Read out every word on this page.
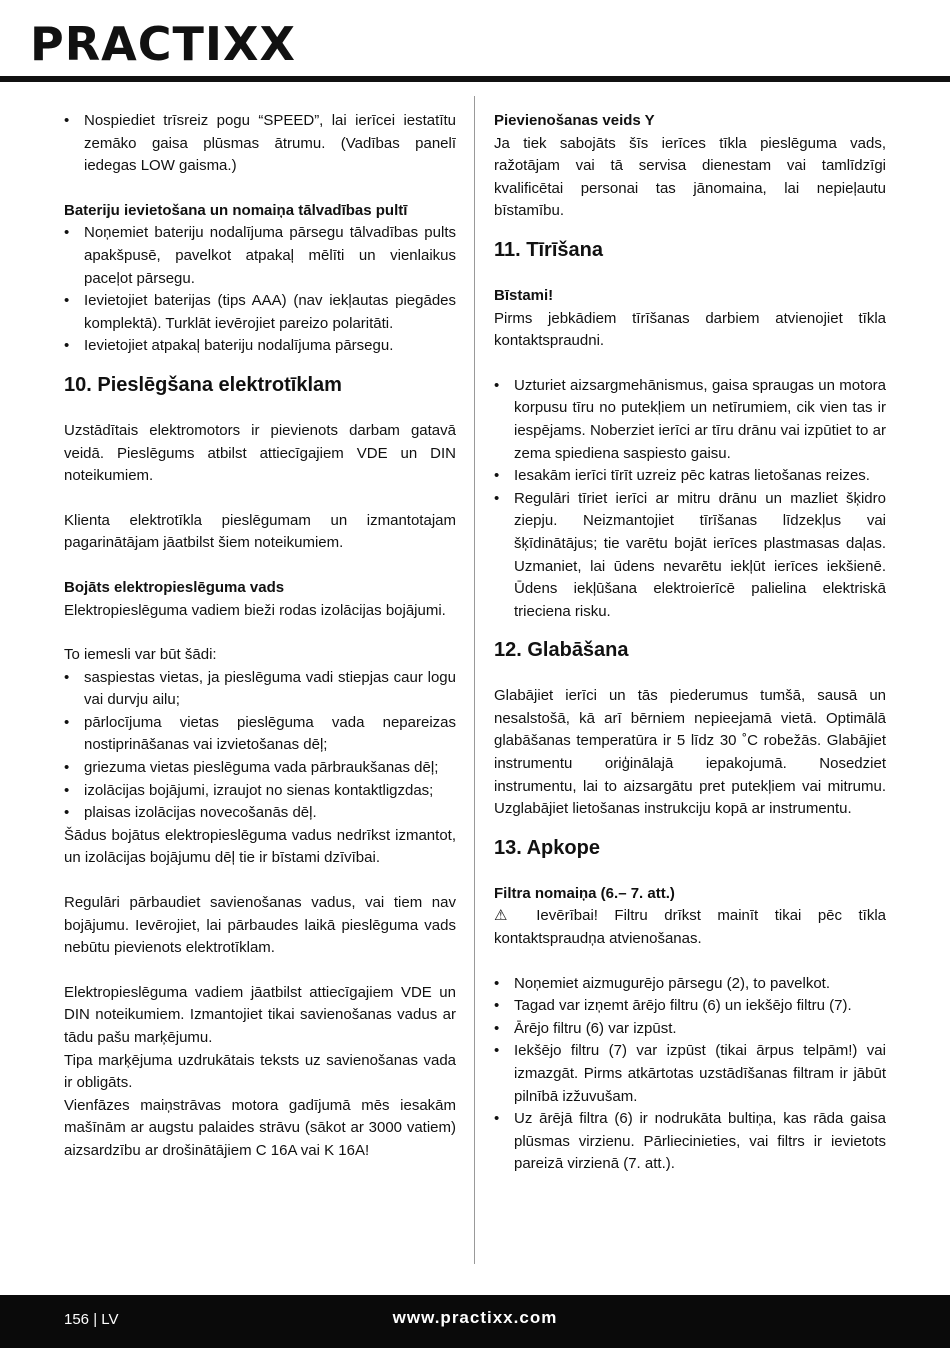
PRACTIXX
• Nospiediet trīsreiz pogu “SPEED”, lai ierīcei iestatītu zemāko gaisa plūsmas ātrumu. (Vadības panelī iedegas LOW gaisma.)

Bateriju ievietošana un nomaiņa tālvadības pultī

• Noņemiet bateriju nodalījuma pārsegu tālvadības pults apakšpusē, pavelkot atpakaļ mēlīti un vienlaikus paceļot pārsegu.
• Ievietojiet baterijas (tips AAA) (nav iekļautas piegādes komplektā). Turklāt ievērojiet pareizo polaritāti.
• Ievietojiet atpakaļ bateriju nodalījuma pārsegu.

10. Pieslēgšana elektrotīklam

Uzstādītais elektromotors ir pievienots darbam gatavā veidā. Pieslēgums atbilst attiecīgajiem VDE un DIN noteikumiem.

Klienta elektrotīkla pieslēgumam un izmantotajam pagarinātājam jāatbilst šiem noteikumiem.

Bojāts elektropieslēguma vads

Elektropieslēguma vadiem bieži rodas izolācijas bojājumi.

To iemesli var būt šādi:

• saspiestas vietas, ja pieslēguma vadi stiepjas caur logu vai durvju ailu;
• pārlocījuma vietas pieslēguma vada nepareizas nostiprināšanas vai izvietošanas dēļ;
• griezuma vietas pieslēguma vada pārbraukšanas dēļ;
• izolācijas bojājumi, izraujot no sienas kontaktligzdas;
• plaisas izolācijas novecošanās dēļ.

Šādus bojātus elektropieslēguma vadus nedrīkst izmantot, un izolācijas bojājumu dēļ tie ir bīstami dzīvībai.

Regulāri pārbaudiet savienošanas vadus, vai tiem nav bojājumu. Ievērojiet, lai pārbaudes laikā pieslēguma vads nebūtu pievienots elektrotīklam.

Elektropieslēguma vadiem jāatbilst attiecīgajiem VDE un DIN noteikumiem. Izmantojiet tikai savienošanas vadus ar tādu pašu marķējumu.

Tipa marķējuma uzdrukātais teksts uz savienošanas vada ir obligāts.

Vienfāzes maiņstrāvas motora gadījumā mēs iesakām mašīnām ar augstu palaides strāvu (sākot ar 3000 vatiem) aizsardzību ar drošinātājiem C 16A vai K 16A!

Pievienošanas veids Y

Ja tiek sabojāts šīs ierīces tīkla pieslēguma vads, ražotājam vai tā servisa dienestam vai tamlīdzīgi kvalificētai personai tas jānomaina, lai nepieļautu bīstamību.

11. Tīrīšana

Bīstami!

Pirms jebkādiem tīrīšanas darbiem atvienojiet tīkla kontaktspraudni.

• Uzturiet aizsargmehānismus, gaisa spraugas un motora korpusu tīru no putekļiem un netīrumiem, cik vien tas ir iespējams. Noberziet ierīci ar tīru drānu vai izpūtiet to ar zema spiediena saspiesto gaisu.
• Iesakām ierīci tīrīt uzreiz pēc katras lietošanas reizes.
• Regulāri tīriet ierīci ar mitru drānu un mazliet šķidro ziepju. Neizmantojiet tīrīšanas līdzekļus vai šķīdinātājus; tie varētu bojāt ierīces plastmasas daļas. Uzmaniet, lai ūdens nevarētu iekļūt ierīces iekšienē. Ūdens iekļūšana elektroierīcē palielina elektriskā trieciena risku.

12. Glabāšana

Glabājiet ierīci un tās piederumus tumšā, sausā un nesalstošā, kā arī bērniem nepieejamā vietā. Optimālā glabāšanas temperatūra ir 5 līdz 30 ˚C robežās. Glabājiet instrumentu oriģinālajā iepakojumā. Nosedziet instrumentu, lai to aizsargātu pret putekļiem vai mitrumu. Uzglabājiet lietošanas instrukciju kopā ar instrumentu.

13. Apkope

Filtra nomaiņa (6.– 7. att.)

⚠ Ievērībai! Filtru drīkst mainīt tikai pēc tīkla kontaktspraudņa atvienošanas.

• Noņemiet aizmugurējo pārsegu (2), to pavelkot.
• Tagad var izņemt ārējo filtru (6) un iekšējo filtru (7).
• Ārējo filtru (6) var izpūst.
• Iekšējo filtru (7) var izpūst (tikai ārpus telpām!) vai izmazgāt. Pirms atkārtotas uzstādīšanas filtram ir jābūt pilnībā izžuvušam.
• Uz ārējā filtra (6) ir nodrukāta bultiņa, kas rāda gaisa plūsmas virzienu. Pārliecinieties, vai filtrs ir ievietots pareizā virzienā (7. att.).
156 | LV	www.practixx.com
